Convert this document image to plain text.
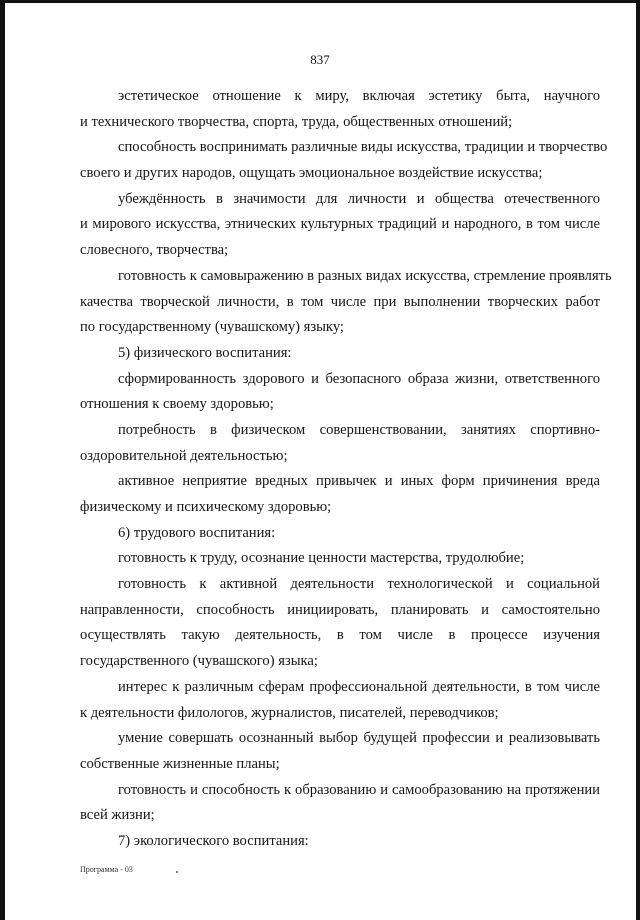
837
эстетическое отношение к миру, включая эстетику быта, научного
и технического творчества, спорта, труда, общественных отношений;
способность воспринимать различные виды искусства, традиции и творчество
своего и других народов, ощущать эмоциональное воздействие искусства;
убеждённость в значимости для личности и общества отечественного
и мирового искусства, этнических культурных традиций и народного, в том числе
словесного, творчества;
готовность к самовыражению в разных видах искусства, стремление проявлять
качества творческой личности, в том числе при выполнении творческих работ
по государственному (чувашскому) языку;
5) физического воспитания:
сформированность здорового и безопасного образа жизни, ответственного
отношения к своему здоровью;
потребность в физическом совершенствовании, занятиях спортивно-
оздоровительной деятельностью;
активное неприятие вредных привычек и иных форм причинения вреда
физическому и психическому здоровью;
6) трудового воспитания:
готовность к труду, осознание ценности мастерства, трудолюбие;
готовность к активной деятельности технологической и социальной
направленности, способность инициировать, планировать и самостоятельно
осуществлять такую деятельность, в том числе в процессе изучения
государственного (чувашского) языка;
интерес к различным сферам профессиональной деятельности, в том числе
к деятельности филологов, журналистов, писателей, переводчиков;
умение совершать осознанный выбор будущей профессии и реализовывать
собственные жизненные планы;
готовность и способность к образованию и самообразованию на протяжении
всей жизни;
7) экологического воспитания:
Программа - 03
